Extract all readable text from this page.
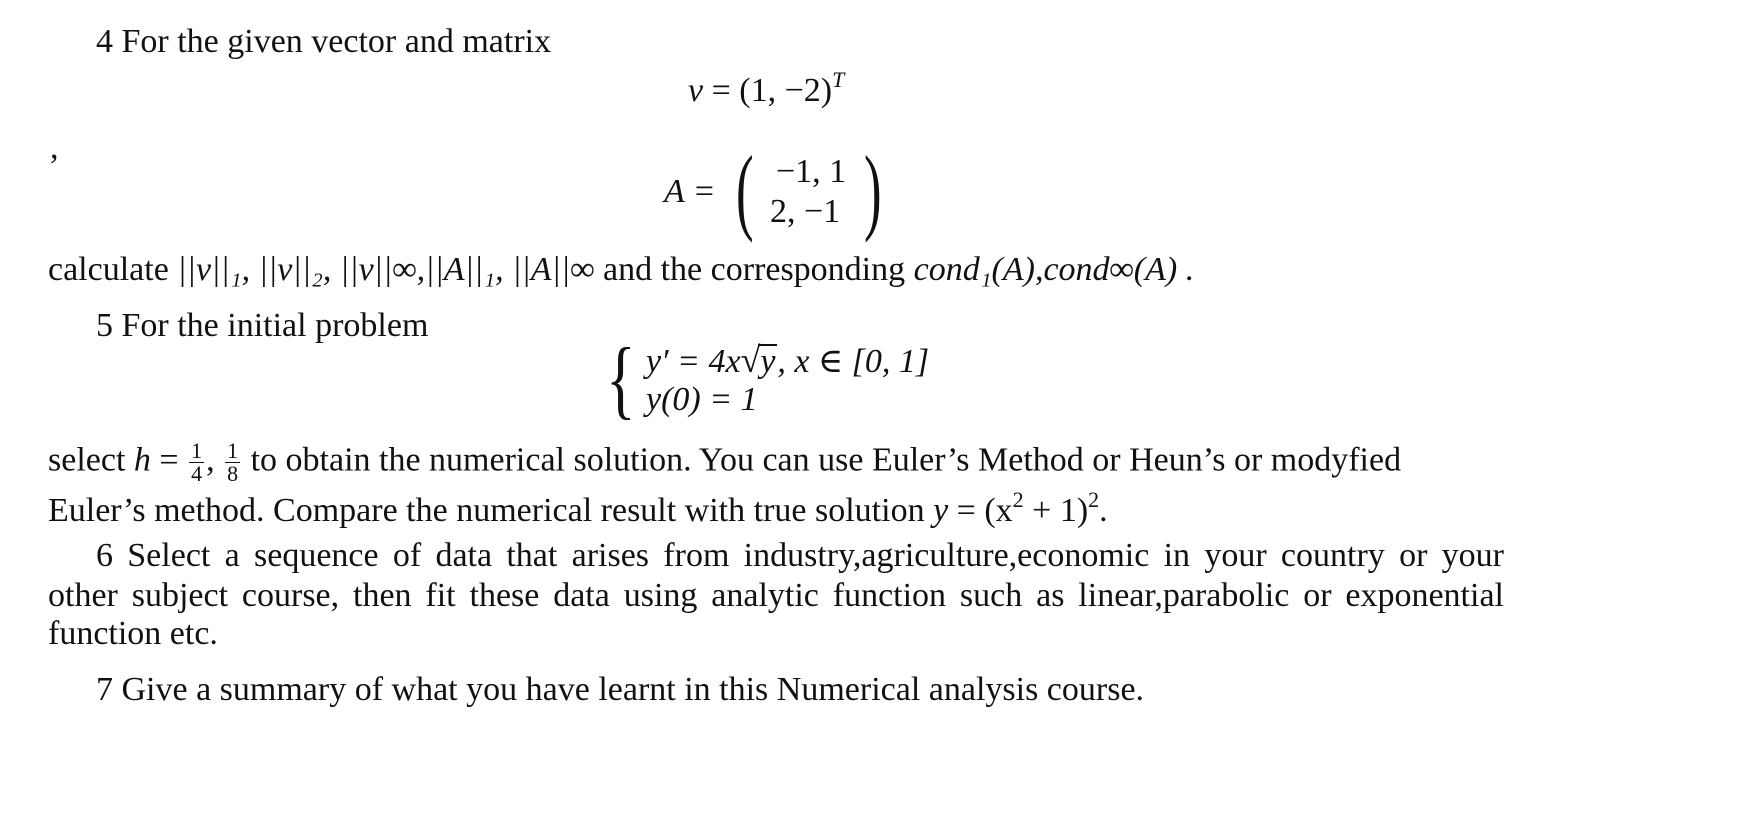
4 For the given vector and matrix
v = (1, −2)$^T$
,
A = ( −1, 1
2, −1 )
calculate ||v||₁, ||v||₂, ||v||∞,||A||₁, ||A||∞ and the corresponding cond₁(A),cond∞(A) .
5 For the initial problem
{ y′ = 4x√y, x ∈ [0, 1]
y(0) = 1
select $h = \frac{1}{4}$ , $\frac{1}{8}$ to obtain the numerical solution. You can use Euler’s Method or Heun’s or modyfied
Euler’s method. Compare the numerical result with true solution $y = (x^2 + 1)^2$.
6 Select a sequence of data that arises from industry,agriculture,economic in your country or your
other subject course, then fit these data using analytic function such as linear,parabolic or exponential
function etc.
7 Give a summary of what you have learnt in this Numerical analysis course.
